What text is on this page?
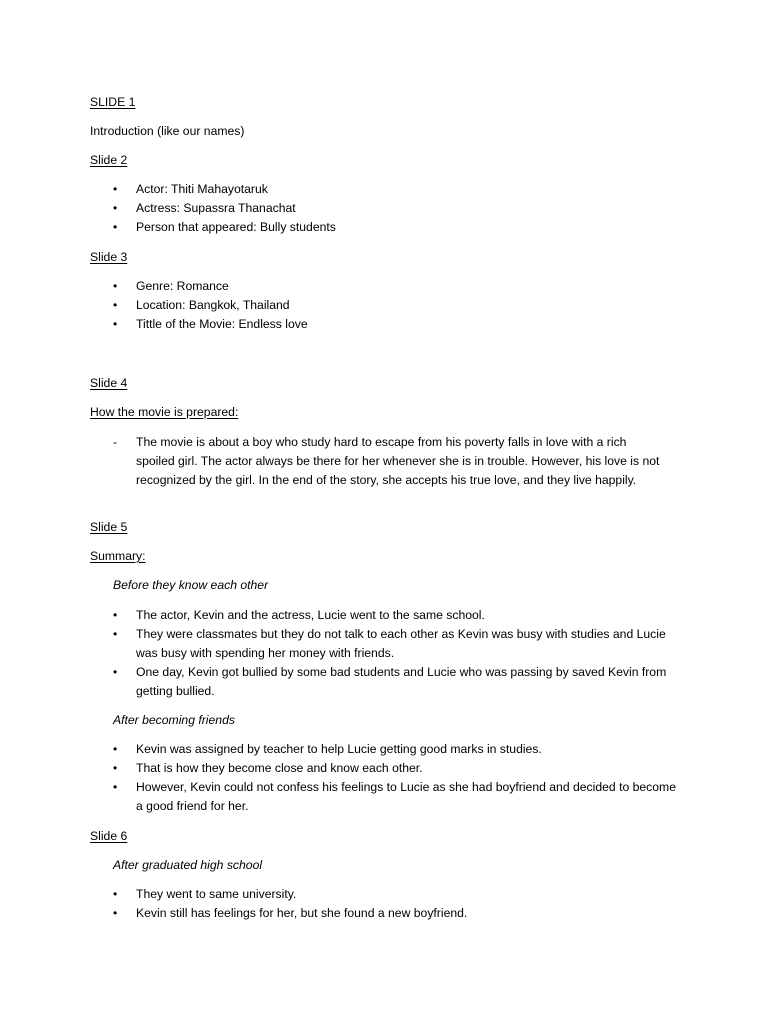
SLIDE 1
Introduction (like our names)
Slide 2
• Actor: Thiti Mahayotaruk
• Actress: Supassra Thanachat
• Person that appeared: Bully students
Slide 3
• Genre: Romance
• Location: Bangkok, Thailand
• Tittle of the Movie: Endless love
Slide 4
How the movie is prepared:
- The movie is about a boy who study hard to escape from his poverty falls in love with a rich spoiled girl. The actor always be there for her whenever she is in trouble. However, his love is not recognized by the girl. In the end of the story, she accepts his true love, and they live happily.
Slide 5
Summary:
Before they know each other
• The actor, Kevin and the actress, Lucie went to the same school.
• They were classmates but they do not talk to each other as Kevin was busy with studies and Lucie was busy with spending her money with friends.
• One day, Kevin got bullied by some bad students and Lucie who was passing by saved Kevin from getting bullied.
After becoming friends
• Kevin was assigned by teacher to help Lucie getting good marks in studies.
• That is how they become close and know each other.
• However, Kevin could not confess his feelings to Lucie as she had boyfriend and decided to become a good friend for her.
Slide 6
After graduated high school
• They went to same university.
• Kevin still has feelings for her, but she found a new boyfriend.
